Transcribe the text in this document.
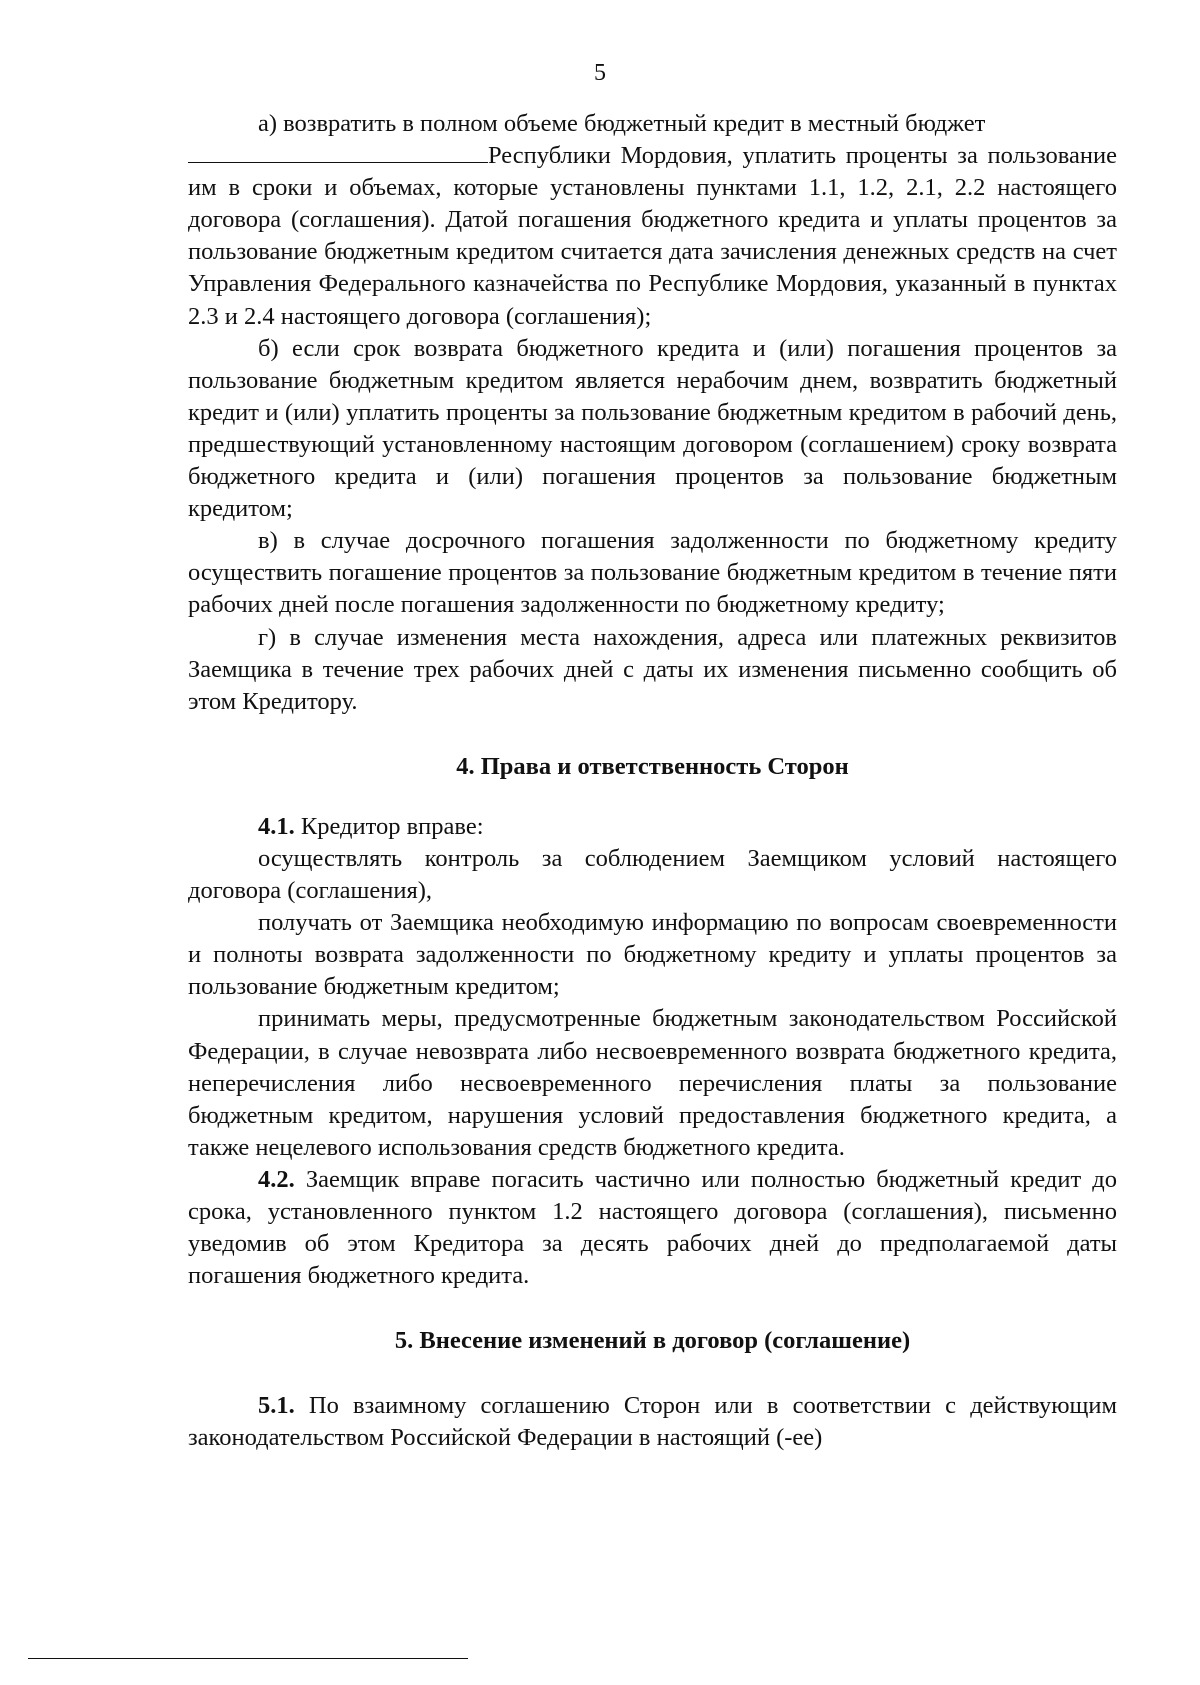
5

а) возвратить в полном объеме бюджетный кредит в местный бюджет

Республики Мордовия, уплатить проценты за пользование им в сроки и объемах, которые установлены пунктами 1.1, 1.2, 2.1, 2.2 настоящего договора (соглашения). Датой погашения бюджетного кредита и уплаты процентов за пользование бюджетным кредитом считается дата зачисления денежных средств на счет Управления Федерального казначейства по Республике Мордовия, указанный в пунктах 2.3 и 2.4 настоящего договора (соглашения);

б) если срок возврата бюджетного кредита и (или) погашения процентов за пользование бюджетным кредитом является нерабочим днем, возвратить бюджетный кредит и (или) уплатить проценты за пользование бюджетным кредитом в рабочий день, предшествующий установленному настоящим договором (соглашением) сроку возврата бюджетного кредита и (или) погашения процентов за пользование бюджетным кредитом;

в) в случае досрочного погашения задолженности по бюджетному кредиту осуществить погашение процентов за пользование бюджетным кредитом в течение пяти рабочих дней после погашения задолженности по бюджетному кредиту;

г) в случае изменения места нахождения, адреса или платежных реквизитов Заемщика в течение трех рабочих дней с даты их изменения письменно сообщить об этом Кредитору.

4. Права и ответственность Сторон

4.1. Кредитор вправе:

осуществлять контроль за соблюдением Заемщиком условий настоящего договора (соглашения),

получать от Заемщика необходимую информацию по вопросам своевременности и полноты возврата задолженности по бюджетному кредиту и уплаты процентов за пользование бюджетным кредитом;

принимать меры, предусмотренные бюджетным законодательством Российской Федерации, в случае невозврата либо несвоевременного возврата бюджетного кредита, неперечисления либо несвоевременного перечисления платы за пользование бюджетным кредитом, нарушения условий предоставления бюджетного кредита, а также нецелевого использования средств бюджетного кредита.

4.2. Заемщик вправе погасить частично или полностью бюджетный кредит до срока, установленного пунктом 1.2 настоящего договора (соглашения), письменно уведомив об этом Кредитора за десять рабочих дней до предполагаемой даты погашения бюджетного кредита.

5. Внесение изменений в договор (соглашение)

5.1. По взаимному соглашению Сторон или в соответствии с действующим законодательством Российской Федерации в настоящий (-ее)
